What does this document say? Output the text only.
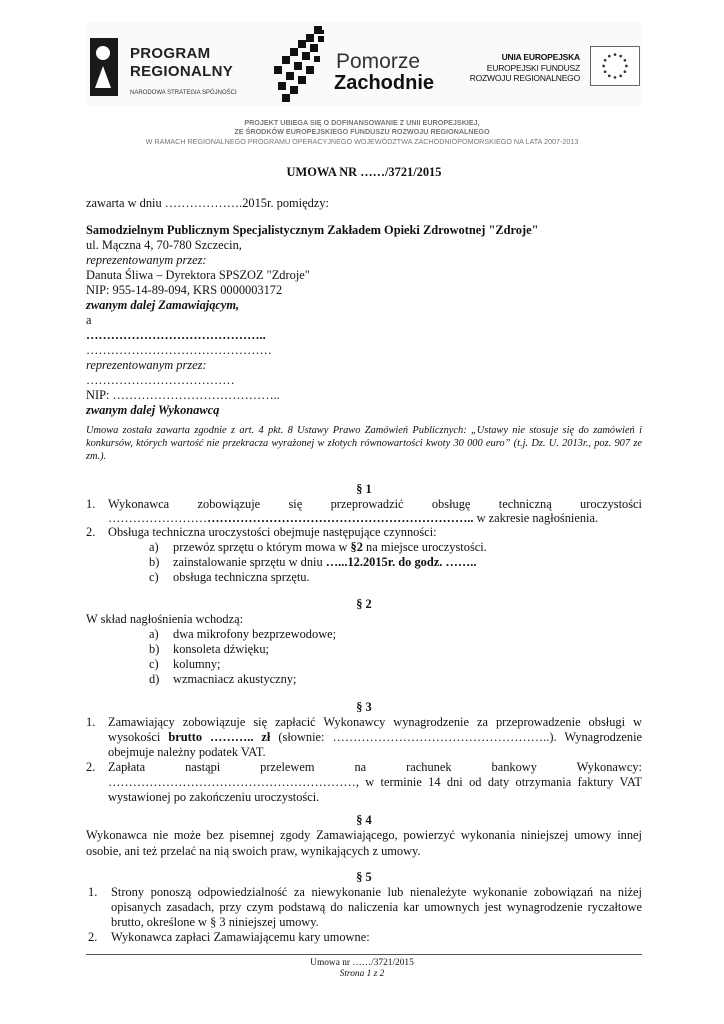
PROGRAM
REGIONALNY
NARODOWA STRATEGIA SPÓJNOŚCI
Pomorze
Zachodnie
UNIA EUROPEJSKA
EUROPEJSKI FUNDUSZ
ROZWOJU REGIONALNEGO
PROJEKT UBIEGA SIĘ O DOFINANSOWANIE Z UNII EUROPEJSKIEJ,
ZE ŚRODKÓW EUROPEJSKIEGO FUNDUSZU ROZWOJU REGIONALNEGO
W RAMACH REGIONALNEGO PROGRAMU OPERACYJNEGO WOJEWÓDZTWA ZACHODNIOPOMORSKIEGO NA LATA 2007-2013
UMOWA NR ……/3721/2015
zawarta w dniu ……………….2015r. pomiędzy:
Samodzielnym Publicznym Specjalistycznym Zakładem Opieki Zdrowotnej "Zdroje"
ul. Mączna 4, 70-780 Szczecin,
reprezentowanym przez:
Danuta Śliwa – Dyrektora SPSZOZ "Zdroje"
NIP: 955-14-89-094, KRS 0000003172
zwanym dalej Zamawiającym,
a
……………………………………..
………………………………………
reprezentowanym przez:
………………………………
NIP: …………………………………..
zwanym dalej Wykonawcą
Umowa została zawarta zgodnie z art. 4 pkt. 8 Ustawy Prawo Zamówień Publicznych: „Ustawy nie stosuje się do zamówień i konkursów, których wartość nie przekracza wyrażonej w złotych równowartości kwoty 30 000 euro” (t.j. Dz. U. 2013r., poz. 907 ze zm.).
§ 1
1. Wykonawca zobowiązuje się przeprowadzić obsługę techniczną uroczystości
…………………………………………………………………………….. w zakresie nagłośnienia.
2. Obsługa techniczna uroczystości obejmuje następujące czynności:
a) przewóz sprzętu o którym mowa w §2 na miejsce uroczystości.
b) zainstalowanie sprzętu w dniu …...12.2015r. do godz. ……..
c) obsługa techniczna sprzętu.
§ 2
W skład nagłośnienia wchodzą:
a) dwa mikrofony bezprzewodowe;
b) konsoleta dźwięku;
c) kolumny;
d) wzmacniacz akustyczny;
§ 3
1. Zamawiający zobowiązuje się zapłacić Wykonawcy wynagrodzenie za przeprowadzenie obsługi w
wysokości brutto ……….. zł (słownie: ……………………………………………..). Wynagrodzenie
obejmuje należny podatek VAT.
2. Zapłata nastąpi przelewem na rachunek bankowy Wykonawcy:
……………………………………………………, w terminie 14 dni od daty otrzymania faktury VAT
wystawionej po zakończeniu uroczystości.
§ 4
Wykonawca nie może bez pisemnej zgody Zamawiającego, powierzyć wykonania niniejszej umowy innej
osobie, ani też przelać na nią swoich praw, wynikających z umowy.
§ 5
1. Strony ponoszą odpowiedzialność za niewykonanie lub nienależyte wykonanie zobowiązań na niżej
opisanych zasadach, przy czym podstawą do naliczenia kar umownych jest wynagrodzenie ryczałtowe
brutto, określone w § 3 niniejszej umowy.
2. Wykonawca zapłaci Zamawiającemu kary umowne:
Umowa nr ……/3721/2015
Strona 1 z 2
